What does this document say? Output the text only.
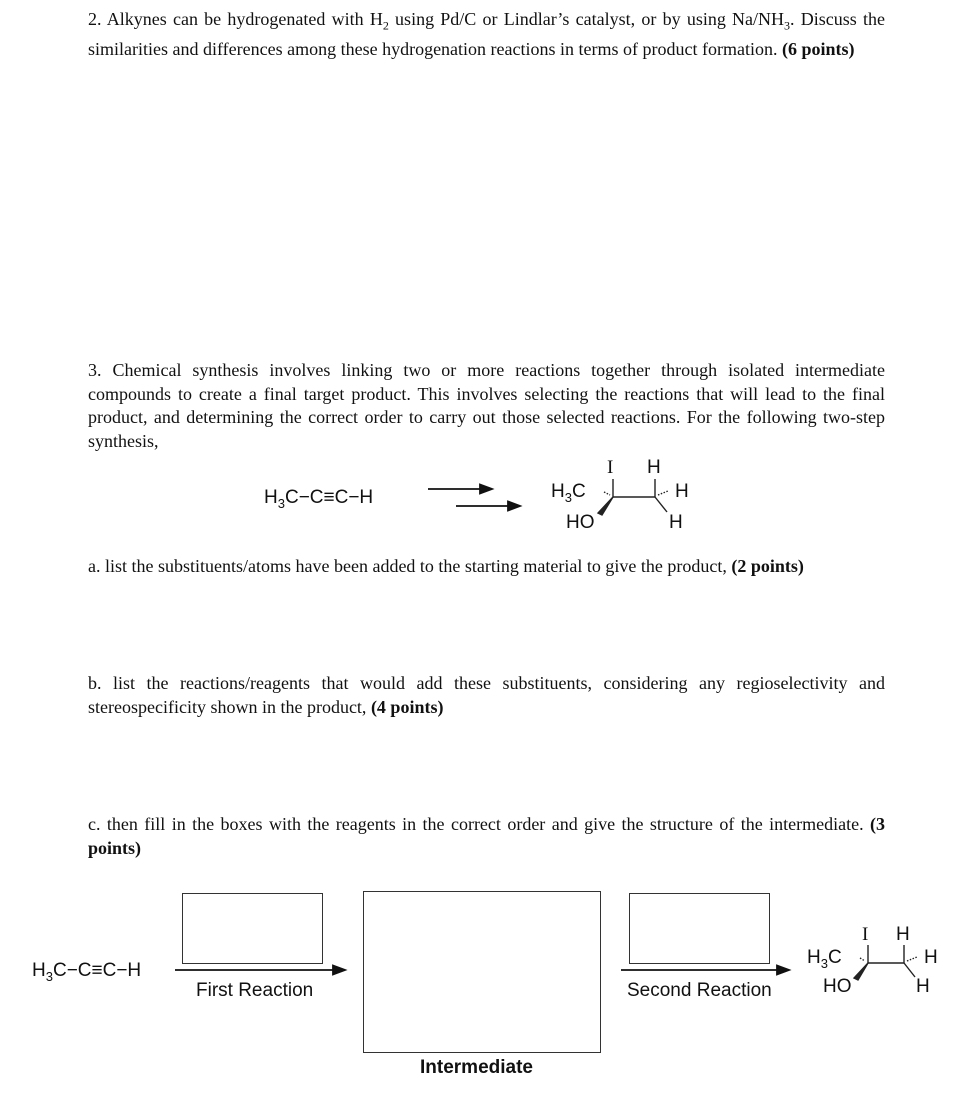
2. Alkynes can be hydrogenated with $H_2$ using Pd/C or Lindlar’s catalyst, or by using $Na/NH_3$. Discuss the similarities and differences among these hydrogenation reactions in terms of product formation. (6 points)

3. Chemical synthesis involves linking two or more reactions together through isolated intermediate compounds to create a final target product. This involves selecting the reactions that will lead to the final product, and determining the correct order to carry out those selected reactions. For the following two-step synthesis,

$H_3C-C\equiv C-H$
I H
$H_3C$	H
HO	H

a. list the substituents/atoms have been added to the starting material to give the product, (2 points)

b. list the reactions/reagents that would add these substituents, considering any regioselectivity and stereospecificity shown in the product, (4 points)

c. then fill in the boxes with the reagents in the correct order and give the structure of the intermediate. (3 points)

$H_3C-C\equiv C-H$
First Reaction
Intermediate
Second Reaction
I H
$H_3C$	H
HO	H
